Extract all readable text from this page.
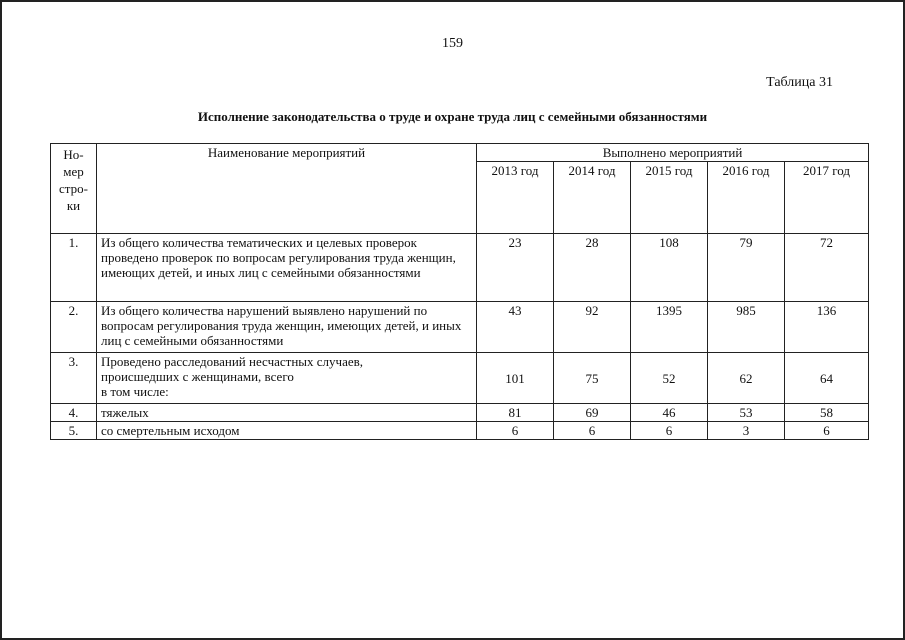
159
Таблица 31
Исполнение законодательства о труде и охране труда лиц с семейными обязанностями
Но-
мер
стро-
ки	Наименование мероприятий	Выполнено мероприятий				
		2013 год	2014 год	2015 год	2016 год	2017 год
1.	Из общего количества тематических и целевых проверок проведено проверок по вопросам регулирования труда женщин, имеющих детей, и иных лиц с семейными обязанностями	23	28	108	79	72
2.	Из общего количества нарушений выявлено нарушений по вопросам регулирования труда женщин, имеющих детей, и иных лиц с семейными обязанностями	43	92	1395	985	136
3.	Проведено расследований несчастных случаев,
происшедших с женщинами, всего
в том числе:	101	75	52	62	64
4.	тяжелых	81	69	46	53	58
5.	со смертельным исходом	6	6	6	3	6
